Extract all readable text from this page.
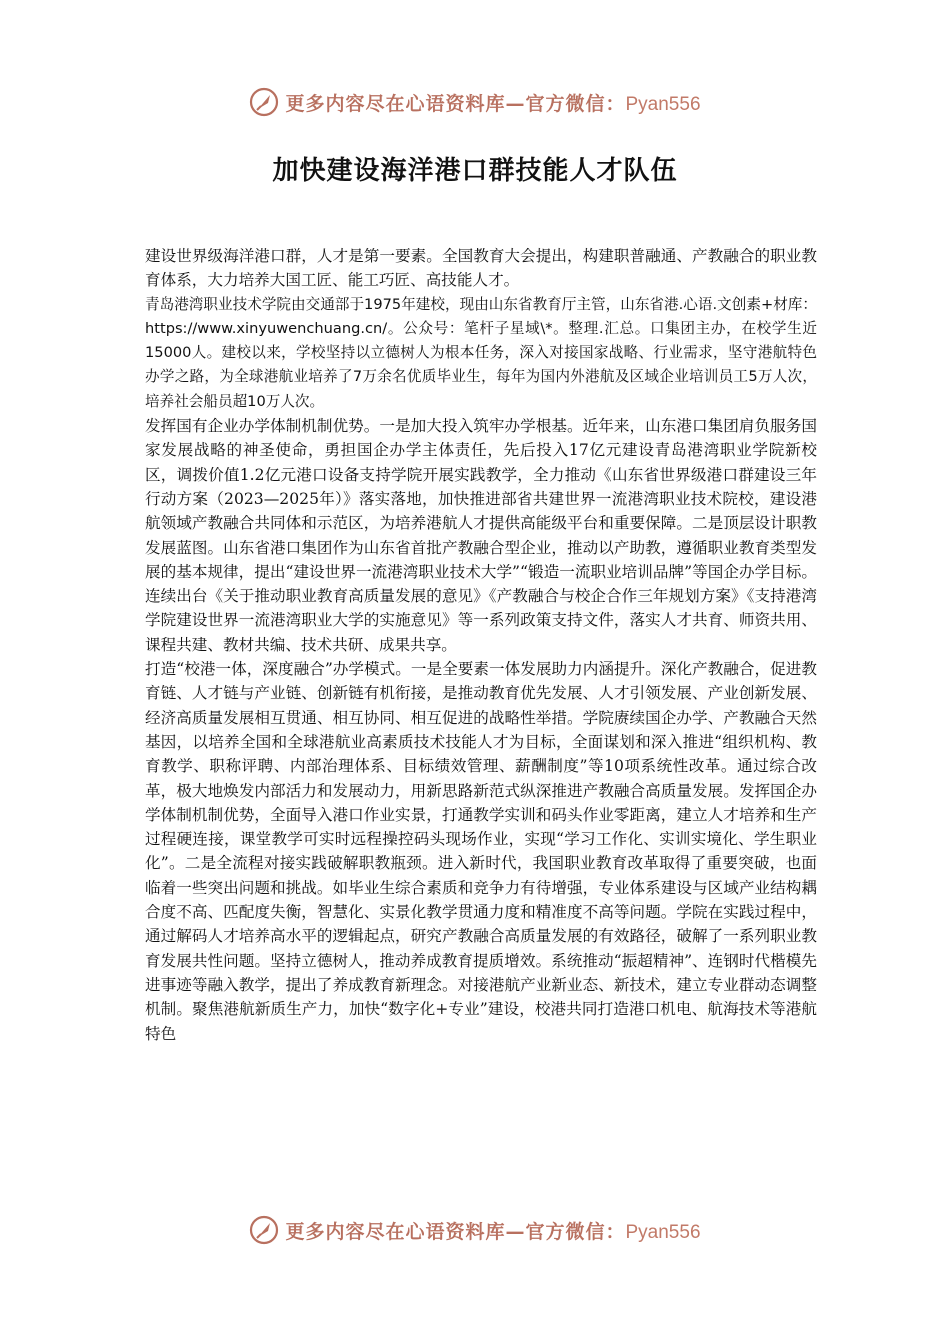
更多内容尽在心语资料库—官方微信：Pyan556
加快建设海洋港口群技能人才队伍

建设世界级海洋港口群，人才是第一要素。全国教育大会提出，构建职普融通、产教融合的职业教育体系，大力培养大国工匠、能工巧匠、高技能人才。

青岛港湾职业技术学院由交通部于1975年建校，现由山东省教育厅主管，山东省港.心语.文创素+材库：https://www.xinyuwenchuang.cn/。公众号：笔杆子星域\*。整理.汇总。口集团主办，在校学生近15000人。建校以来，学校坚持以立德树人为根本任务，深入对接国家战略、行业需求，坚守港航特色办学之路，为全球港航业培养了7万余名优质毕业生，每年为国内外港航及区域企业培训员工5万人次，培养社会船员超10万人次。

发挥国有企业办学体制机制优势。一是加大投入筑牢办学根基。近年来，山东港口集团肩负服务国家发展战略的神圣使命，勇担国企办学主体责任，先后投入17亿元建设青岛港湾职业学院新校区，调拨价值1.2亿元港口设备支持学院开展实践教学，全力推动《山东省世界级港口群建设三年行动方案（2023—2025年）》落实落地，加快推进部省共建世界一流港湾职业技术院校，建设港航领域产教融合共同体和示范区，为培养港航人才提供高能级平台和重要保障。二是顶层设计职教发展蓝图。山东省港口集团作为山东省首批产教融合型企业，推动以产助教，遵循职业教育类型发展的基本规律，提出“建设世界一流港湾职业技术大学”“锻造一流职业培训品牌”等国企办学目标。连续出台《关于推动职业教育高质量发展的意见》《产教融合与校企合作三年规划方案》《支持港湾学院建设世界一流港湾职业大学的实施意见》等一系列政策支持文件，落实人才共育、师资共用、课程共建、教材共编、技术共研、成果共享。

打造“校港一体，深度融合”办学模式。一是全要素一体发展助力内涵提升。深化产教融合，促进教育链、人才链与产业链、创新链有机衔接，是推动教育优先发展、人才引领发展、产业创新发展、经济高质量发展相互贯通、相互协同、相互促进的战略性举措。学院赓续国企办学、产教融合天然基因，以培养全国和全球港航业高素质技术技能人才为目标，全面谋划和深入推进“组织机构、教育教学、职称评聘、内部治理体系、目标绩效管理、薪酬制度”等10项系统性改革。通过综合改革，极大地焕发内部活力和发展动力，用新思路新范式纵深推进产教融合高质量发展。发挥国企办学体制机制优势，全面导入港口作业实景，打通教学实训和码头作业零距离，建立人才培养和生产过程硬连接，课堂教学可实时远程操控码头现场作业，实现“学习工作化、实训实境化、学生职业化”。二是全流程对接实践破解职教瓶颈。进入新时代，我国职业教育改革取得了重要突破，也面临着一些突出问题和挑战。如毕业生综合素质和竞争力有待增强，专业体系建设与区域产业结构耦合度不高、匹配度失衡，智慧化、实景化教学贯通力度和精准度不高等问题。学院在实践过程中，通过解码人才培养高水平的逻辑起点，研究产教融合高质量发展的有效路径，破解了一系列职业教育发展共性问题。坚持立德树人，推动养成教育提质增效。系统推动“振超精神”、连钢时代楷模先进事迹等融入教学，提出了养成教育新理念。对接港航产业新业态、新技术，建立专业群动态调整机制。聚焦港航新质生产力，加快“数字化+专业”建设，校港共同打造港口机电、航海技术等港航特色

更多内容尽在心语资料库—官方微信：Pyan556
